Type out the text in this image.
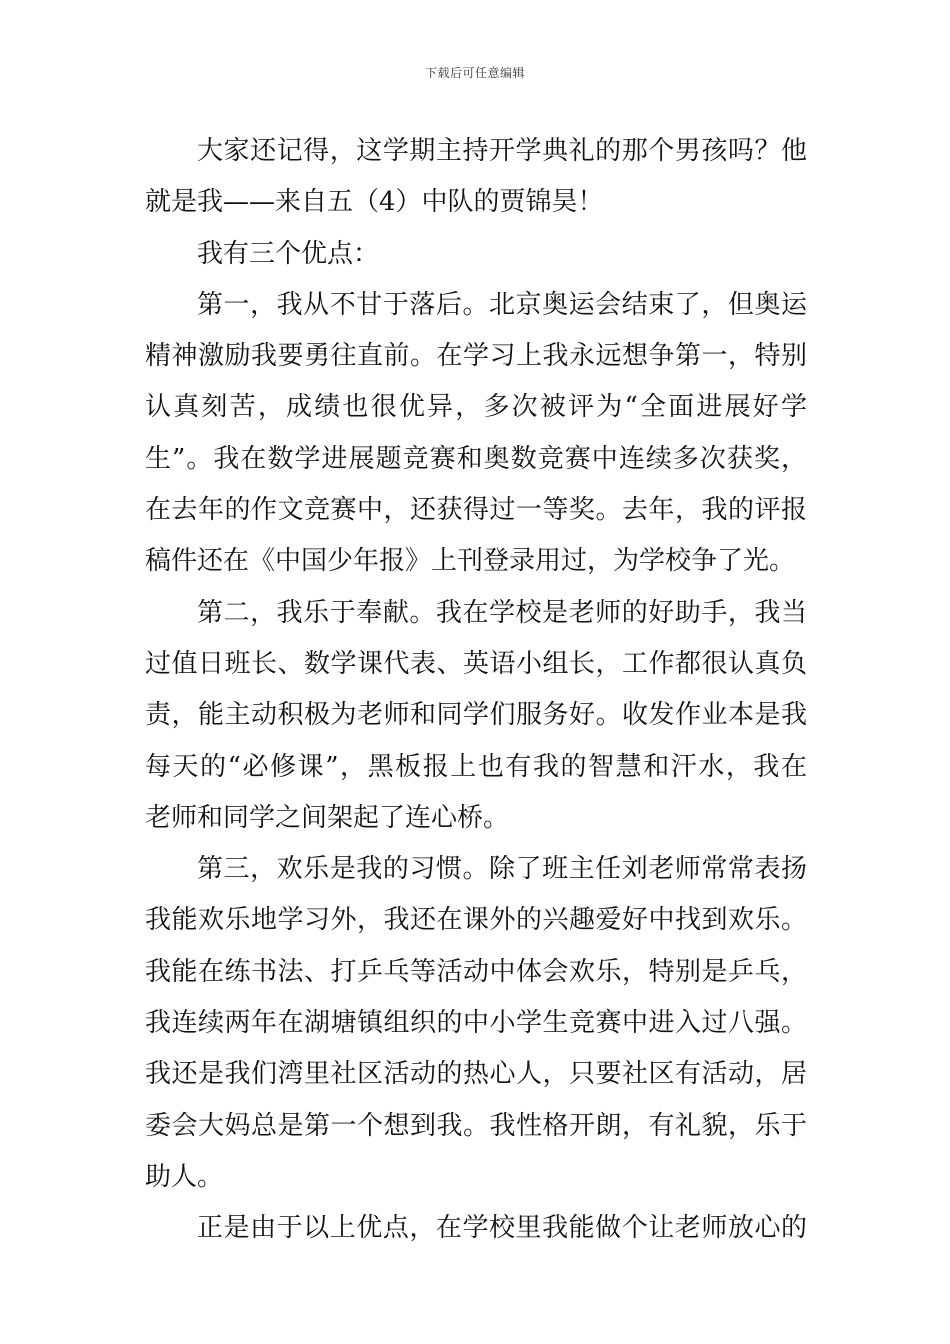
下载后可任意编辑
大家还记得，这学期主持开学典礼的那个男孩吗？他
就是我——来自五（4）中队的贾锦昊！
我有三个优点：
第一，我从不甘于落后。北京奥运会结束了，但奥运
精神激励我要勇往直前。在学习上我永远想争第一，特别
认真刻苦，成绩也很优异，多次被评为“全面进展好学
生”。我在数学进展题竞赛和奥数竞赛中连续多次获奖，
在去年的作文竞赛中，还获得过一等奖。去年，我的评报
稿件还在《中国少年报》上刊登录用过，为学校争了光。
第二，我乐于奉献。我在学校是老师的好助手，我当
过值日班长、数学课代表、英语小组长，工作都很认真负
责，能主动积极为老师和同学们服务好。收发作业本是我
每天的“必修课”，黑板报上也有我的智慧和汗水，我在
老师和同学之间架起了连心桥。
第三，欢乐是我的习惯。除了班主任刘老师常常表扬
我能欢乐地学习外，我还在课外的兴趣爱好中找到欢乐。
我能在练书法、打乒乓等活动中体会欢乐，特别是乒乓，
我连续两年在湖塘镇组织的中小学生竞赛中进入过八强。
我还是我们湾里社区活动的热心人，只要社区有活动，居
委会大妈总是第一个想到我。我性格开朗，有礼貌，乐于
助人。
正是由于以上优点，在学校里我能做个让老师放心的
